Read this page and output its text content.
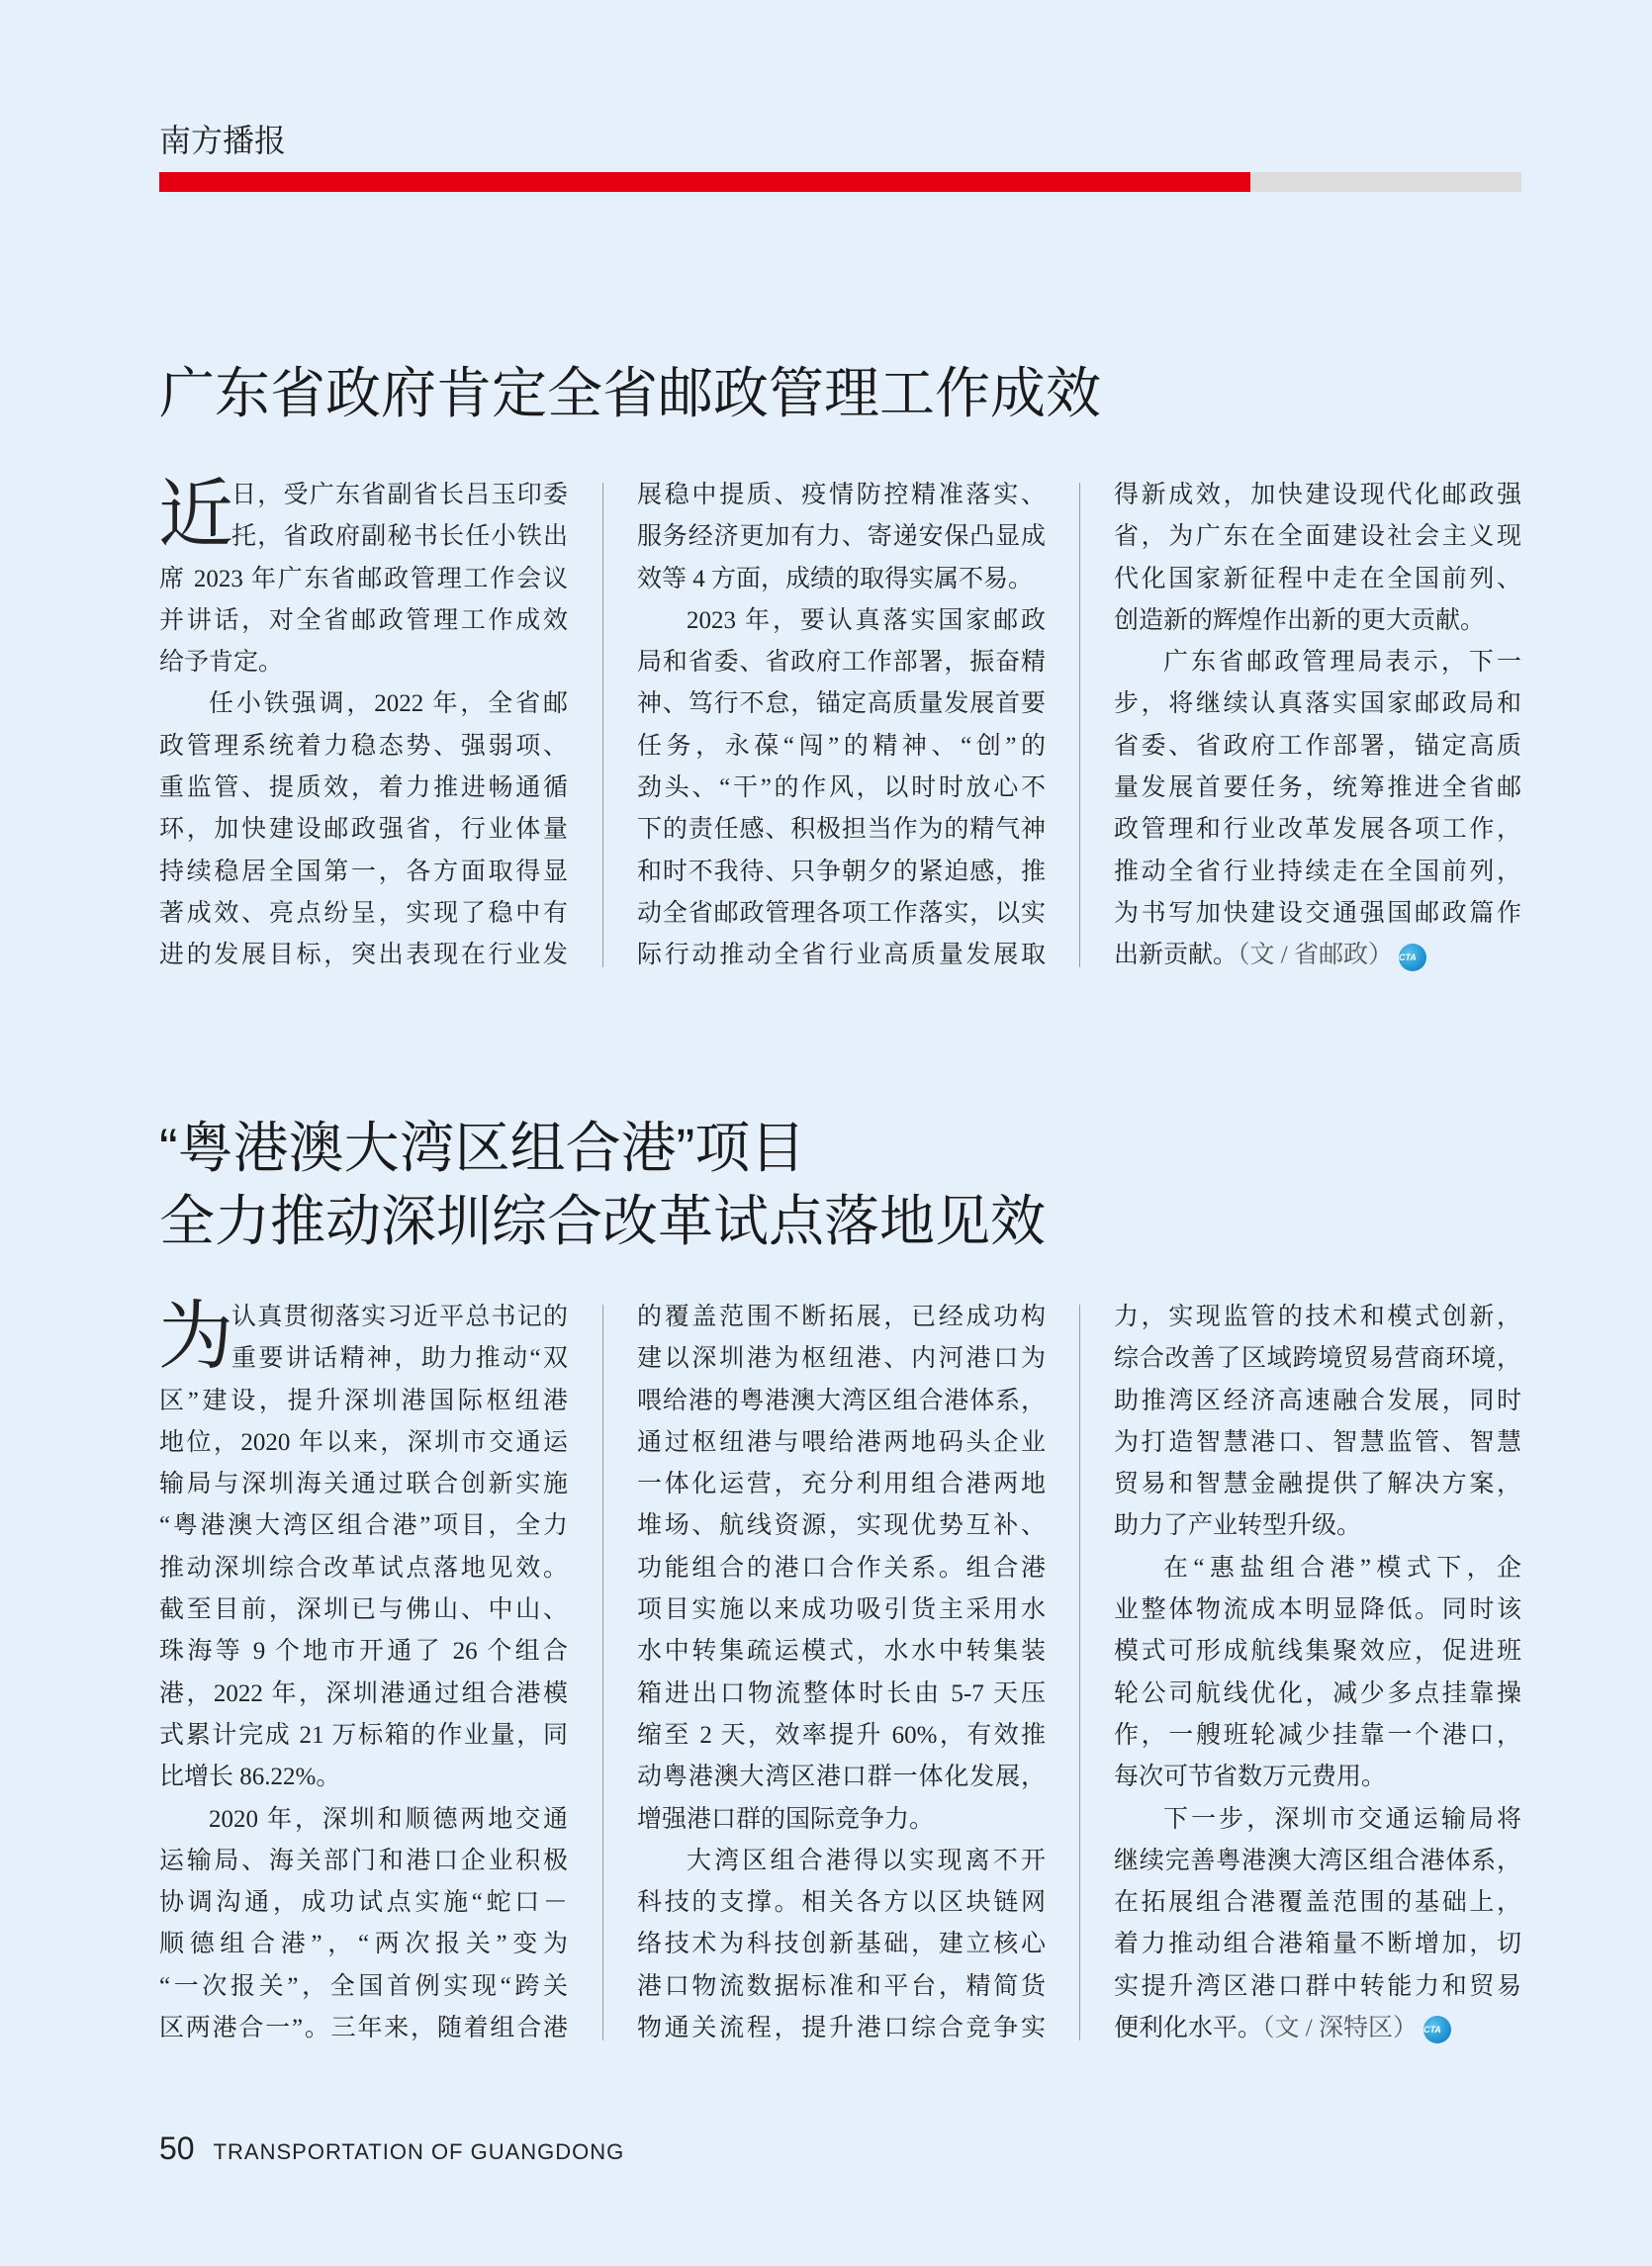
南方播报
广东省政府肯定全省邮政管理工作成效
近
日，受广东省副省长吕玉印委
托，省政府副秘书长任小铁出
席 2023 年广东省邮政管理工作会议
并讲话，对全省邮政管理工作成效
给予肯定。
任小铁强调，2022 年，全省邮
政管理系统着力稳态势、强弱项、
重监管、提质效，着力推进畅通循
环，加快建设邮政强省，行业体量
持续稳居全国第一，各方面取得显
著成效、亮点纷呈，实现了稳中有
进的发展目标，突出表现在行业发
展稳中提质、疫情防控精准落实、
服务经济更加有力、寄递安保凸显成
效等 4 方面，成绩的取得实属不易。
2023 年，要认真落实国家邮政
局和省委、省政府工作部署，振奋精
神、笃行不怠，锚定高质量发展首要
任务，永葆“闯”的精神、“创”的
劲头、“干”的作风，以时时放心不
下的责任感、积极担当作为的精气神
和时不我待、只争朝夕的紧迫感，推
动全省邮政管理各项工作落实，以实
际行动推动全省行业高质量发展取
得新成效，加快建设现代化邮政强
省，为广东在全面建设社会主义现
代化国家新征程中走在全国前列、
创造新的辉煌作出新的更大贡献。
广东省邮政管理局表示，下一
步，将继续认真落实国家邮政局和
省委、省政府工作部署，锚定高质
量发展首要任务，统筹推进全省邮
政管理和行业改革发展各项工作，
推动全省行业持续走在全国前列，
为书写加快建设交通强国邮政篇作
出新贡献。（文 / 省邮政） CTA
“粤港澳大湾区组合港”项目
全力推动深圳综合改革试点落地见效
为
认真贯彻落实习近平总书记的
重要讲话精神，助力推动“双
区”建设，提升深圳港国际枢纽港
地位，2020 年以来，深圳市交通运
输局与深圳海关通过联合创新实施
“粤港澳大湾区组合港”项目，全力
推动深圳综合改革试点落地见效。
截至目前，深圳已与佛山、中山、
珠海等 9 个地市开通了 26 个组合
港，2022 年，深圳港通过组合港模
式累计完成 21 万标箱的作业量，同
比增长 86.22%。
2020 年，深圳和顺德两地交通
运输局、海关部门和港口企业积极
协调沟通，成功试点实施“蛇口－
顺德组合港”，“两次报关”变为
“一次报关”，全国首例实现“跨关
区两港合一”。三年来，随着组合港
的覆盖范围不断拓展，已经成功构
建以深圳港为枢纽港、内河港口为
喂给港的粤港澳大湾区组合港体系，
通过枢纽港与喂给港两地码头企业
一体化运营，充分利用组合港两地
堆场、航线资源，实现优势互补、
功能组合的港口合作关系。组合港
项目实施以来成功吸引货主采用水
水中转集疏运模式，水水中转集装
箱进出口物流整体时长由 5-7 天压
缩至 2 天，效率提升 60%，有效推
动粤港澳大湾区港口群一体化发展，
增强港口群的国际竞争力。
大湾区组合港得以实现离不开
科技的支撑。相关各方以区块链网
络技术为科技创新基础，建立核心
港口物流数据标准和平台，精简货
物通关流程，提升港口综合竞争实
力，实现监管的技术和模式创新，
综合改善了区域跨境贸易营商环境，
助推湾区经济高速融合发展，同时
为打造智慧港口、智慧监管、智慧
贸易和智慧金融提供了解决方案，
助力了产业转型升级。
在“惠盐组合港”模式下，企
业整体物流成本明显降低。同时该
模式可形成航线集聚效应，促进班
轮公司航线优化，减少多点挂靠操
作，一艘班轮减少挂靠一个港口，
每次可节省数万元费用。
下一步，深圳市交通运输局将
继续完善粤港澳大湾区组合港体系，
在拓展组合港覆盖范围的基础上，
着力推动组合港箱量不断增加，切
实提升湾区港口群中转能力和贸易
便利化水平。（文 / 深特区） CTA
50 TRANSPORTATION OF GUANGDONG
